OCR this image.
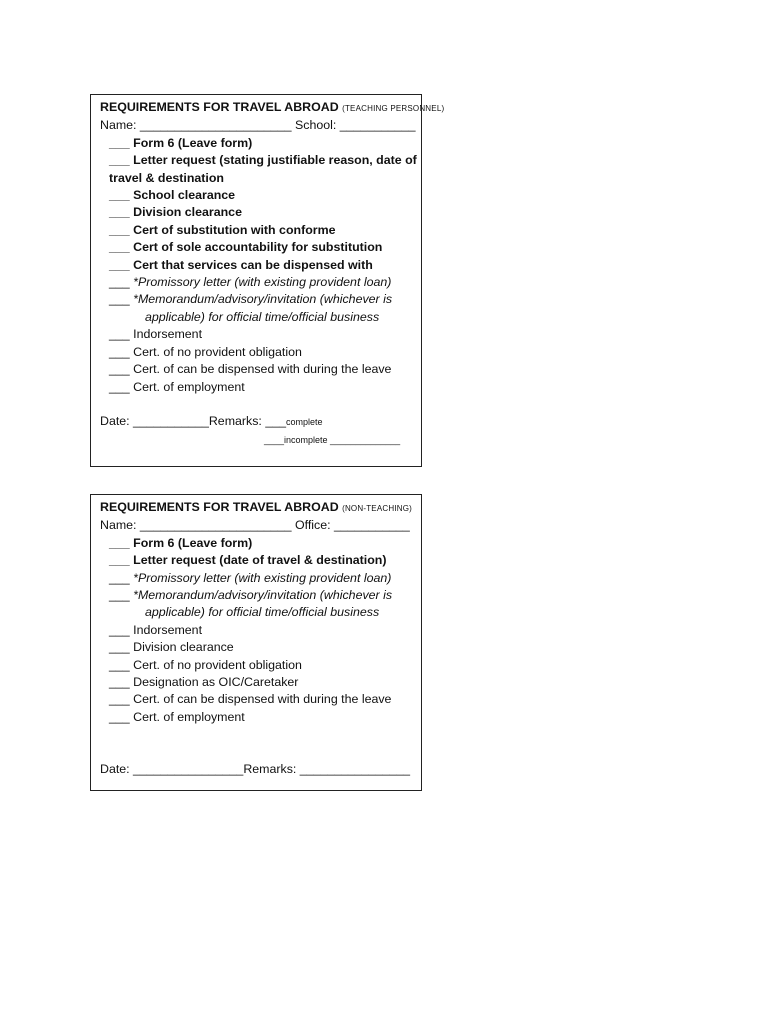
REQUIREMENTS FOR TRAVEL ABROAD (TEACHING PERSONNEL)
Name: ______________________ School: ___________
___ Form 6 (Leave form)
___ Letter request (stating justifiable reason, date of
travel & destination
___ School clearance
___ Division clearance
___ Cert of substitution with conforme
___ Cert of sole accountability for substitution
___ Cert that services can be dispensed with
___ *Promissory letter (with existing provident loan)
___ *Memorandum/advisory/invitation (whichever is
applicable) for official time/official business
___ Indorsement
___ Cert. of no provident obligation
___ Cert. of can be dispensed with during the leave
___ Cert. of employment
Date: ___________Remarks: ___complete
____incomplete ______________
REQUIREMENTS FOR TRAVEL ABROAD (NON-TEACHING)
Name: ______________________ Office: ___________
___ Form 6 (Leave form)
___ Letter request (date of travel & destination)
___ *Promissory letter (with existing provident loan)
___ *Memorandum/advisory/invitation (whichever is
applicable) for official time/official business
___ Indorsement
___ Division clearance
___ Cert. of no provident obligation
___ Designation as OIC/Caretaker
___ Cert. of can be dispensed with during the leave
___ Cert. of employment
Date: ________________Remarks: ________________
